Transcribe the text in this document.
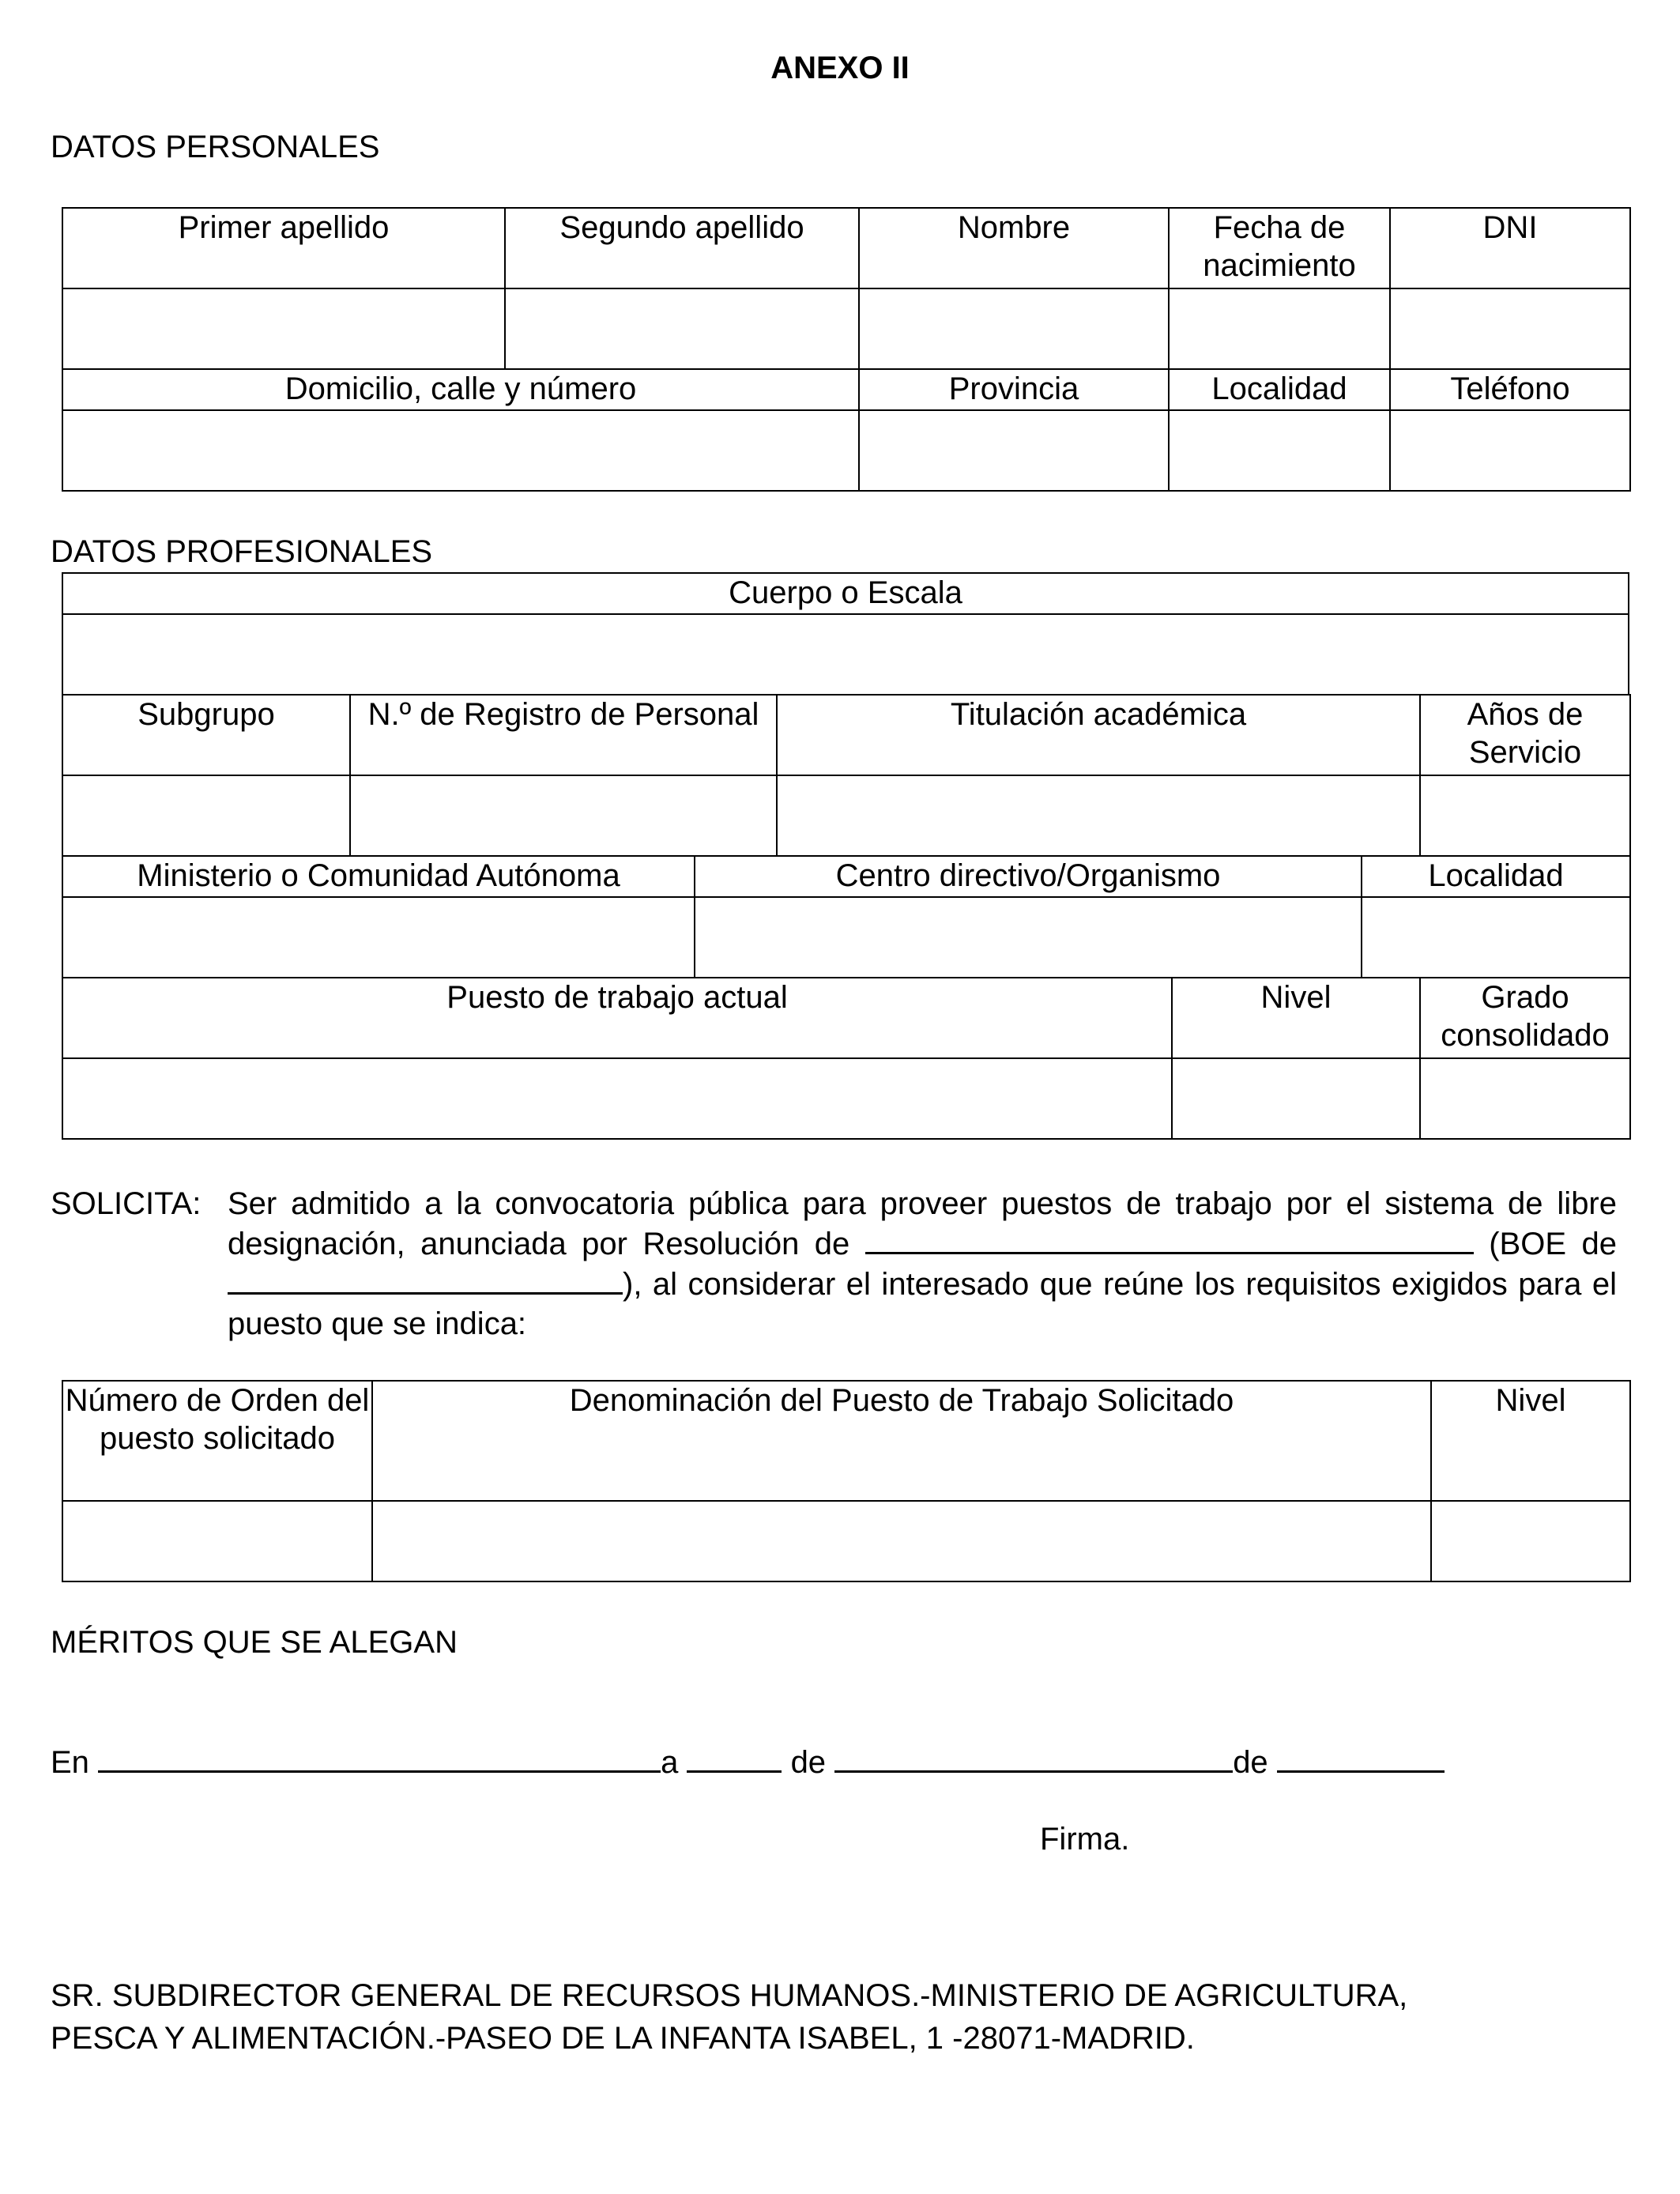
ANEXO II
DATOS PERSONALES
Primer apellido	Segundo apellido	Nombre	Fecha de nacimiento	DNI

Domicilio, calle y número		Provincia	Localidad	Teléfono

DATOS PROFESIONALES
Cuerpo o Escala

Subgrupo	N.º de Registro de Personal	Titulación académica	Años de Servicio

Ministerio o Comunidad Autónoma	Centro directivo/Organismo	Localidad

Puesto de trabajo actual	Nivel	Grado consolidado

SOLICITA: Ser admitido a la convocatoria pública para proveer puestos de trabajo por el sistema de libre designación, anunciada por Resolución de	(BOE de), al considerar el interesado que reúne los requisitos exigidos para el puesto que se indica:
Número de Orden del puesto solicitado	Denominación del Puesto de Trabajo Solicitado	Nivel

MÉRITOS QUE SE ALEGAN
En	a	de	de
Firma.
SR. SUBDIRECTOR GENERAL DE RECURSOS HUMANOS.-MINISTERIO DE AGRICULTURA,
PESCA Y ALIMENTACIÓN.-PASEO DE LA INFANTA ISABEL, 1 -28071-MADRID.
